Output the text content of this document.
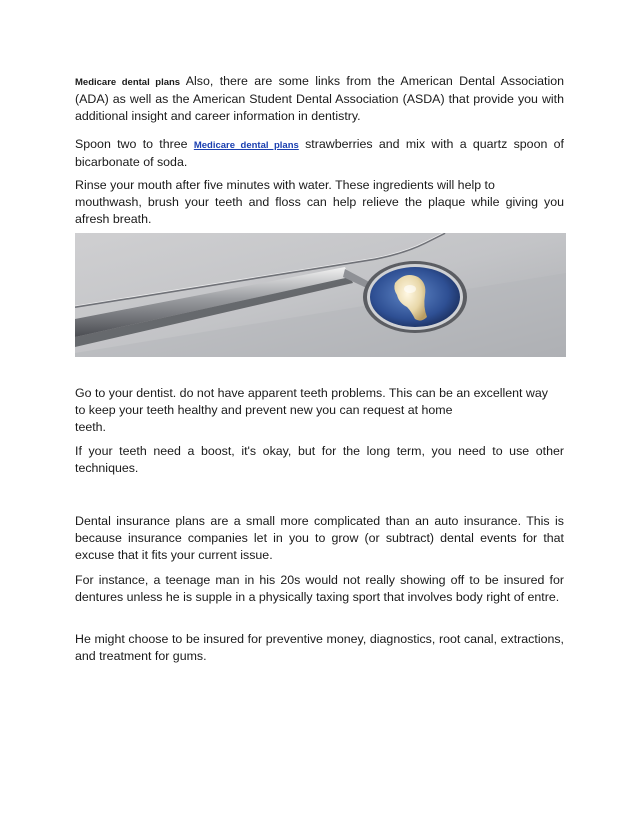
Medicare dental plans Also, there are some links from the American Dental Association (ADA) as well as the American Student Dental Association (ASDA) that provide you with additional insight and career information in dentistry.

Spoon two to three Medicare dental plans strawberries and mix with a quartz spoon of bicarbonate of soda.

Rinse your mouth after five minutes with water. These ingredients will help to
mouthwash, brush your teeth and floss can help relieve the plaque while giving you afresh breath.
Go to your dentist. do not have apparent teeth problems. This can be an excellent way
to keep your teeth healthy and prevent new you can request at home
teeth.

If your teeth need a boost, it's okay, but for the long term, you need to use other techniques.

Dental insurance plans are a small more complicated than an auto insurance. This is because insurance companies let in you to grow (or subtract) dental events for that excuse that it fits your current issue.

For instance, a teenage man in his 20s would not really showing off to be insured for dentures unless he is supple in a physically taxing sport that involves body right of entre.

He might choose to be insured for preventive money, diagnostics, root canal, extractions, and treatment for gums.
